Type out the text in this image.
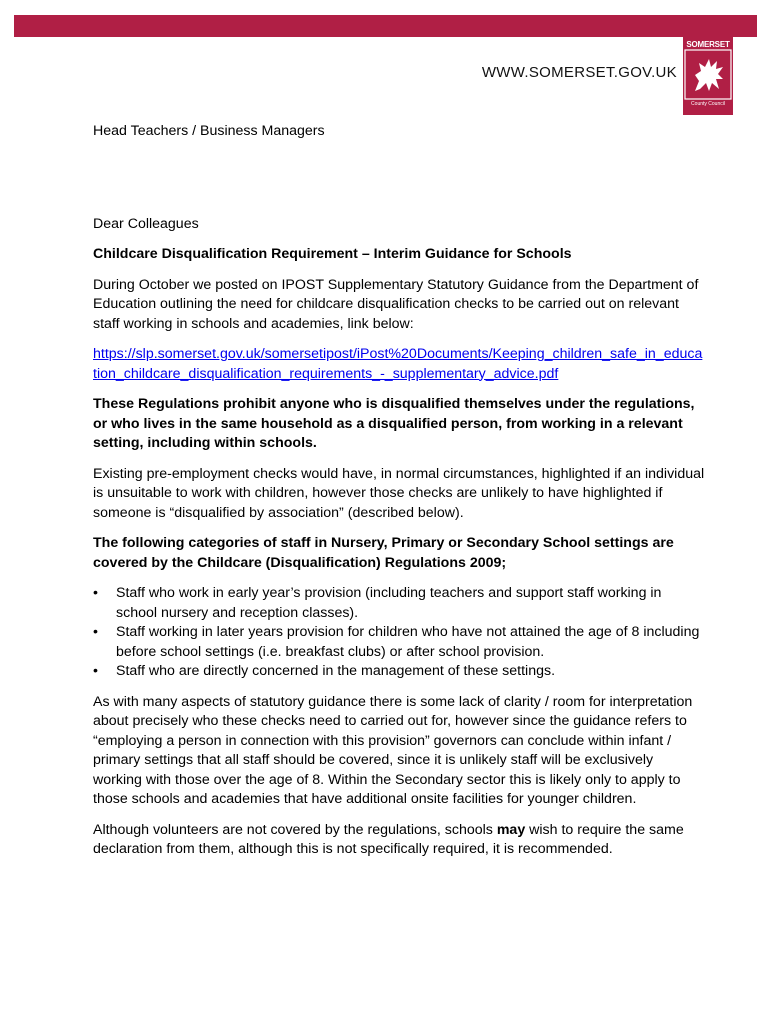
SOMERSET
County Council
WWW.SOMERSET.GOV.UK
Head Teachers / Business Managers
Dear Colleagues
Childcare Disqualification Requirement – Interim Guidance for Schools

During October we posted on IPOST Supplementary Statutory Guidance from the Department of Education outlining the need for childcare disqualification checks to be carried out on relevant staff working in schools and academies, link below:

https://slp.somerset.gov.uk/somersetipost/iPost%20Documents/Keeping_children_safe_in_education_childcare_disqualification_requirements_-_supplementary_advice.pdf

These Regulations prohibit anyone who is disqualified themselves under the regulations, or who lives in the same household as a disqualified person, from working in a relevant setting, including within schools.

Existing pre-employment checks would have, in normal circumstances, highlighted if an individual is unsuitable to work with children, however those checks are unlikely to have highlighted if someone is “disqualified by association” (described below).

The following categories of staff in Nursery, Primary or Secondary School settings are covered by the Childcare (Disqualification) Regulations 2009;

• Staff who work in early year’s provision (including teachers and support staff working in school nursery and reception classes).
• Staff working in later years provision for children who have not attained the age of 8 including before school settings (i.e. breakfast clubs) or after school provision.
• Staff who are directly concerned in the management of these settings.

As with many aspects of statutory guidance there is some lack of clarity / room for interpretation about precisely who these checks need to carried out for, however since the guidance refers to “employing a person in connection with this provision” governors can conclude within infant / primary settings that all staff should be covered, since it is unlikely staff will be exclusively working with those over the age of 8. Within the Secondary sector this is likely only to apply to those schools and academies that have additional onsite facilities for younger children.

Although volunteers are not covered by the regulations, schools may wish to require the same declaration from them, although this is not specifically required, it is recommended.
